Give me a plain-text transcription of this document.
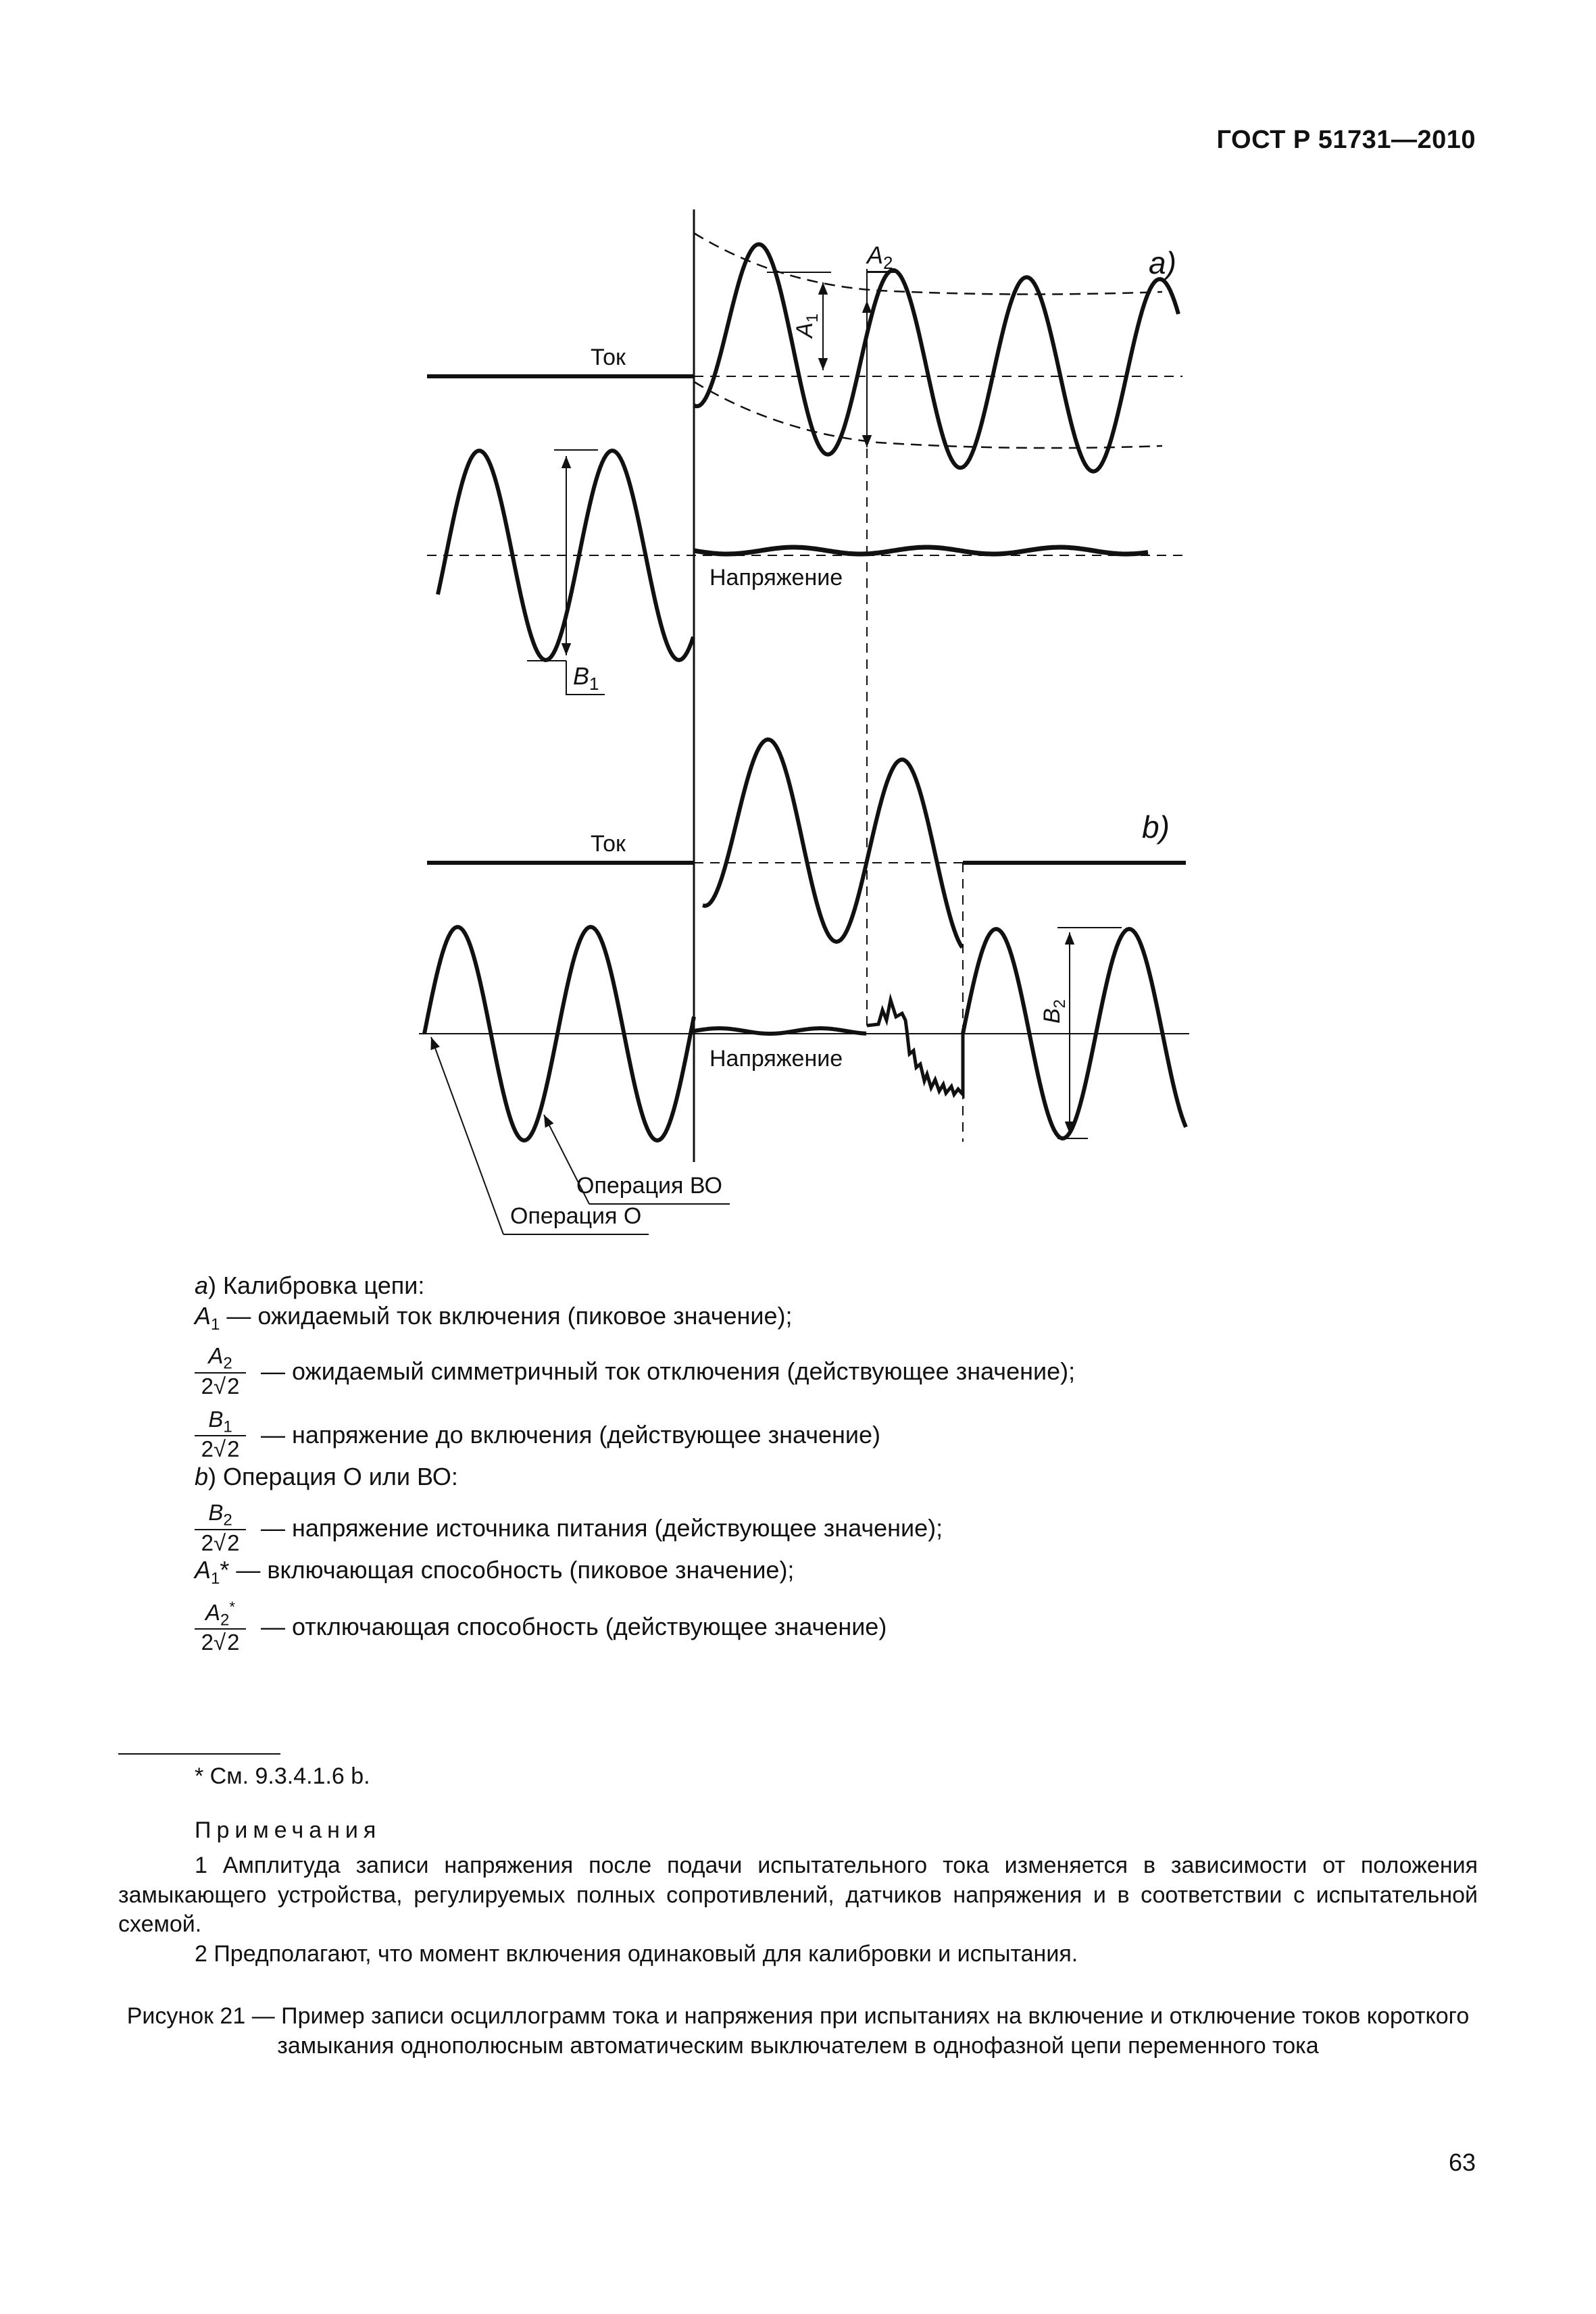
ГОСТ Р 51731—2010
$A_1$
$A_2$	a)
Ток
Напряжение
$B_1$
b)
Ток
Напряжение
$B_2$
Операция ВО
Операция О
a) Калибровка цепи:
$A_1$ — ожидаемый ток включения (пиковое значение);
$\frac{A_2}{2√2}$ — ожидаемый симметричный ток отключения (действующее значение);
$\frac{B_1}{2√2}$ — напряжение до включения (действующее значение)
b) Операция О или ВО:
$\frac{B_2}{2√2}$ — напряжение источника питания (действующее значение);
$A_1*$ — включающая способность (пиковое значение);
$\frac{A_2^*}{2√2}$ — отключающая способность (действующее значение)
* См. 9.3.4.1.6 b.
Примечания

1 Амплитуда записи напряжения после подачи испытательного тока изменяется в зависимости от положения замыкающего устройства, регулируемых полных сопротивлений, датчиков напряжения и в соответствии с испытательной схемой.

2 Предполагают, что момент включения одинаковый для калибровки и испытания.

Рисунок 21 — Пример записи осциллограмм тока и напряжения при испытаниях на включение и отключение токов короткого замыкания однополюсным автоматическим выключателем в однофазной цепи переменного тока
63
